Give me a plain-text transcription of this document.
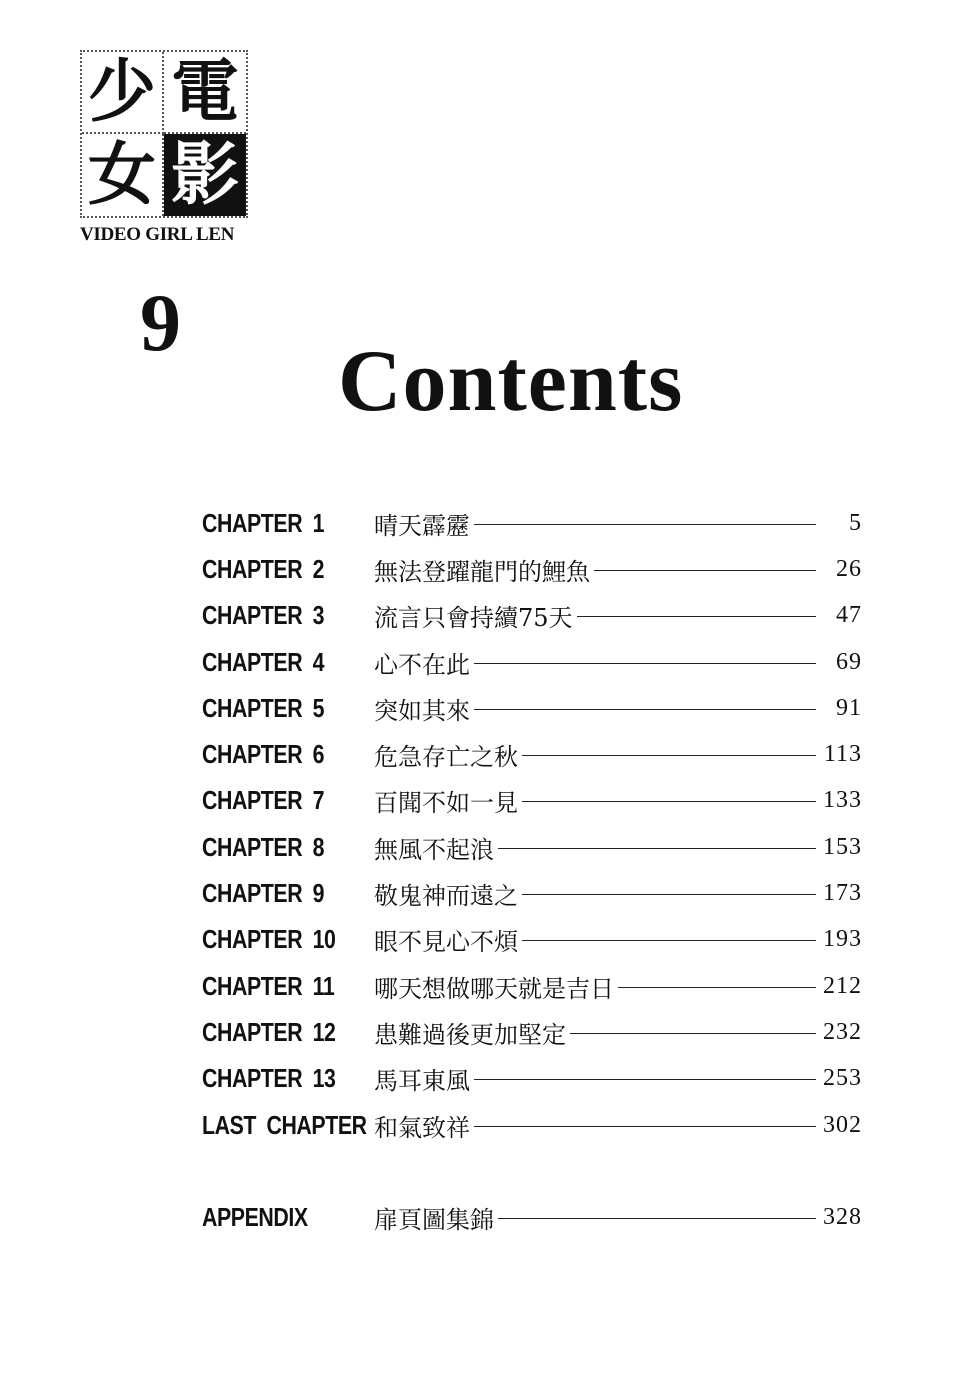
少 電
女 影
VIDEO GIRL LEN
9
Contents
CHAPTER 1	晴天霹靂	5
CHAPTER 2	無法登躍龍門的鯉魚	26
CHAPTER 3	流言只會持續75天	47
CHAPTER 4	心不在此	69
CHAPTER 5	突如其來	91
CHAPTER 6	危急存亡之秋	113
CHAPTER 7	百聞不如一見	133
CHAPTER 8	無風不起浪	153
CHAPTER 9	敬鬼神而遠之	173
CHAPTER 10	眼不見心不煩	193
CHAPTER 11	哪天想做哪天就是吉日	212
CHAPTER 12	患難過後更加堅定	232
CHAPTER 13	馬耳東風	253
LAST CHAPTER 和氣致祥	302
APPENDIX	扉頁圖集錦	328
